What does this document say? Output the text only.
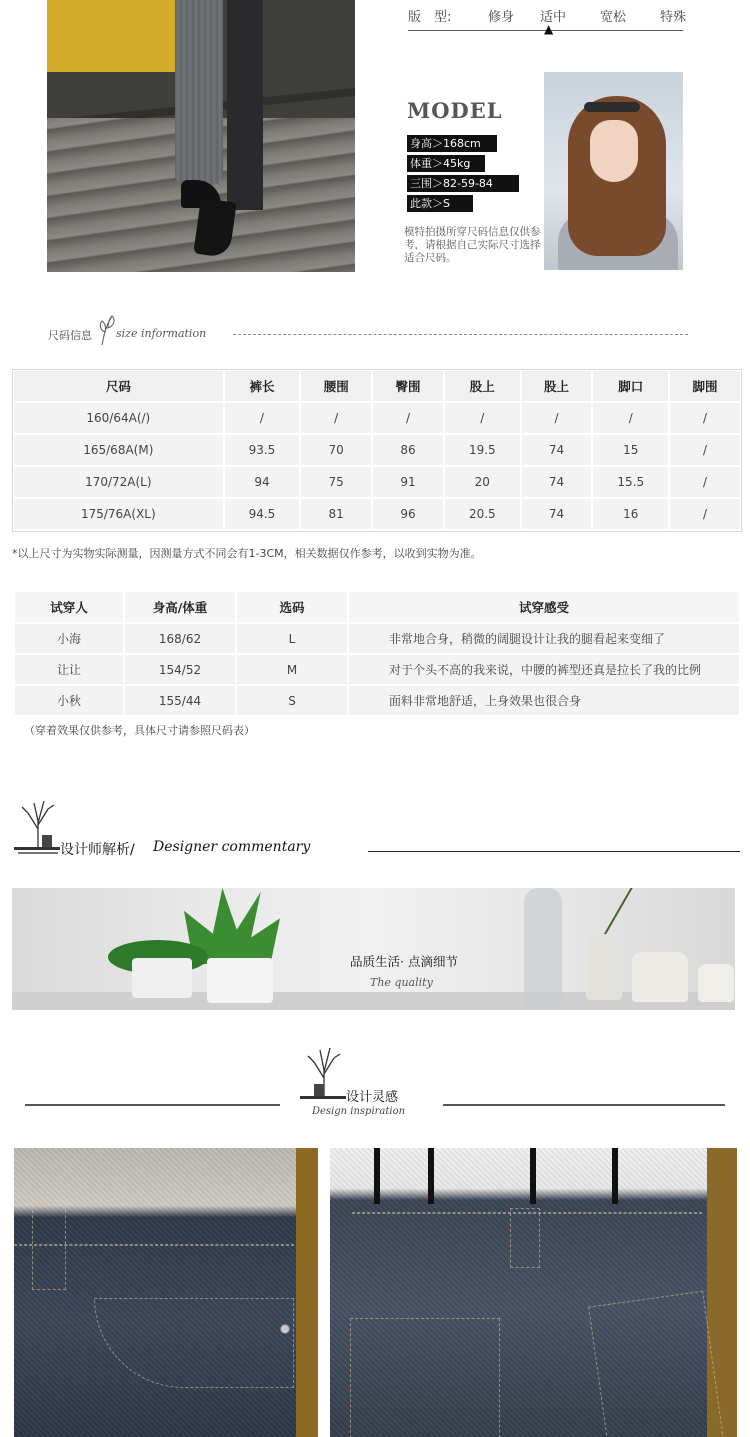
版　型:	修身 适中	宽松	特殊
▲
MODEL
身高＞168cm
体重＞45kg
三围＞82-59-84
此款＞S
模特拍摄所穿尺码信息仅供参考，请根据自己实际尺寸选择适合尺码。
尺码信息 size information
尺码	裤长	腰围	臀围	股上	股上	脚口	脚围
160/64A(/)	/	/	/	/	/	/	/
165/68A(M)	93.5	70	86	19.5	74	15	/
170/72A(L)	94	75	91	20	74	15.5	/
175/76A(XL)	94.5	81	96	20.5	74	16	/
*以上尺寸为实物实际测量，因测量方式不同会有1-3CM，相关数据仅作参考，以收到实物为准。
试穿人	身高/体重	选码	试穿感受
小海	168/62	L	非常地合身，稍微的阔腿设计让我的腿看起来变细了
让让	154/52	M	对于个头不高的我来说，中腰的裤型还真是拉长了我的比例
小秋	155/44	S	面料非常地舒适，上身效果也很合身
（穿着效果仅供参考，具体尺寸请参照尺码表）
设计师解析/ Designer commentary
品质生活· 点滴细节
The quality
设计灵感
Design inspiration
